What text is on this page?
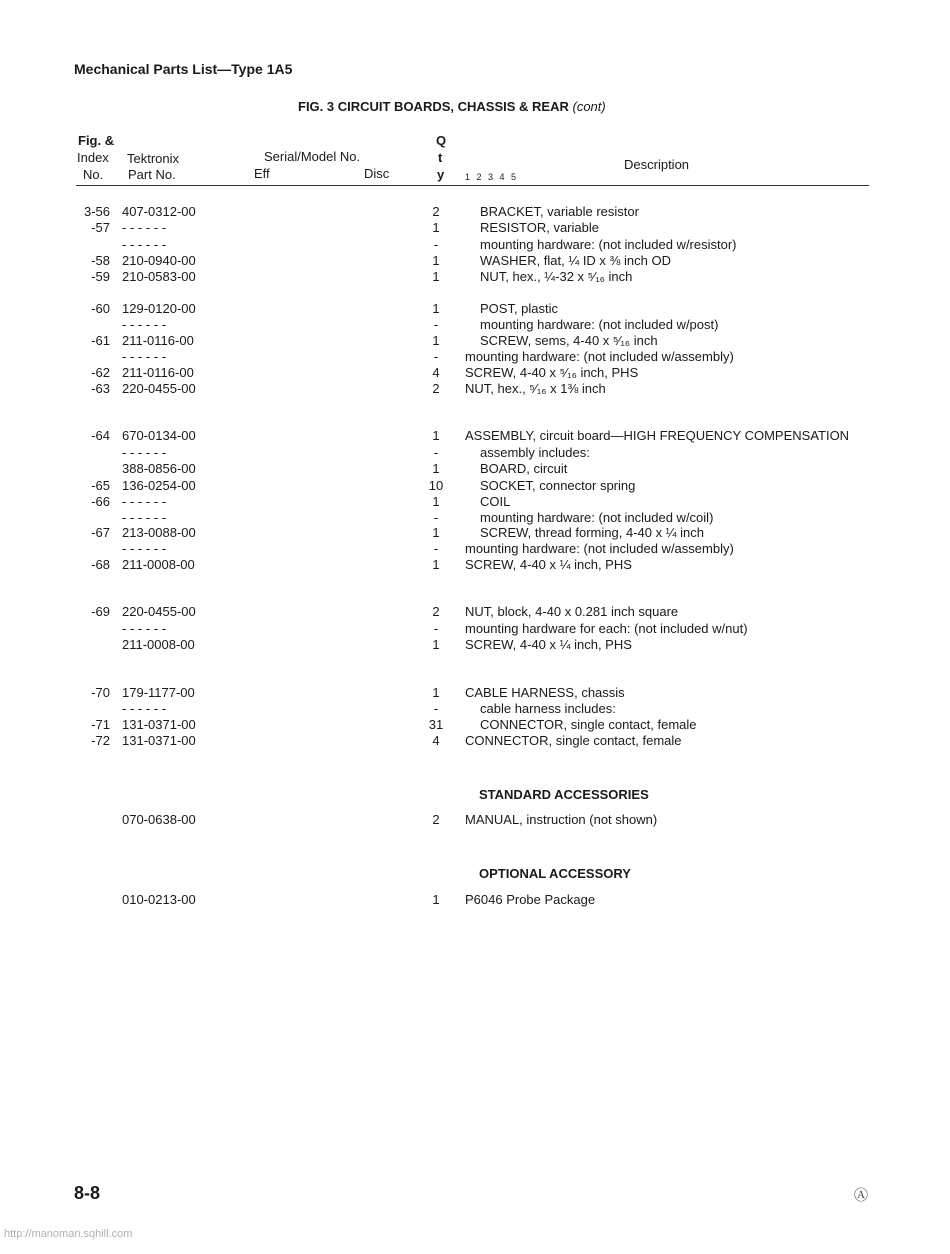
Mechanical Parts List—Type 1A5
FIG. 3 CIRCUIT BOARDS, CHASSIS & REAR (cont)
Fig. &
Index
No.
Tektronix
Part No.
Serial/Model No.
Eff	Disc
Q
t
y 1 2 3 4 5
Description
3-56 407-0312-00	2	BRACKET, variable resistor
-57 - - - - - -	1	RESISTOR, variable
- - - - - -	-	mounting hardware: (not included w/resistor)
-58 210-0940-00	1	WASHER, flat, ¼ ID x ⅜ inch OD
-59 210-0583-00	1	NUT, hex., ¼-32 x ⁵⁄₁₆ inch
-60 129-0120-00	1	POST, plastic
- - - - - -	-	mounting hardware: (not included w/post)
-61 211-0116-00	1	SCREW, sems, 4-40 x ⁵⁄₁₆ inch
- - - - - -	-	mounting hardware: (not included w/assembly)
-62 211-0116-00	4	SCREW, 4-40 x ⁵⁄₁₆ inch, PHS
-63 220-0455-00	2	NUT, hex., ⁵⁄₁₆ x 1⅜ inch
-64 670-0134-00	1	ASSEMBLY, circuit board—HIGH FREQUENCY COMPENSATION
- - - - - -	-	assembly includes:
388-0856-00	1	BOARD, circuit
-65 136-0254-00	10	SOCKET, connector spring
-66 - - - - - -	1	COIL
- - - - - -	-	mounting hardware: (not included w/coil)
-67 213-0088-00	1	SCREW, thread forming, 4-40 x ¼ inch
- - - - - -	-	mounting hardware: (not included w/assembly)
-68 211-0008-00	1	SCREW, 4-40 x ¼ inch, PHS
-69 220-0455-00	2	NUT, block, 4-40 x 0.281 inch square
- - - - - -	-	mounting hardware for each: (not included w/nut)
211-0008-00	1	SCREW, 4-40 x ¼ inch, PHS
-70 179-1177-00	1	CABLE HARNESS, chassis
- - - - - -	-	cable harness includes:
-71 131-0371-00	31	CONNECTOR, single contact, female
-72 131-0371-00	4	CONNECTOR, single contact, female
STANDARD ACCESSORIES
070-0638-00	2	MANUAL, instruction (not shown)
OPTIONAL ACCESSORY
010-0213-00	1	P6046 Probe Package
8-8	Ⓐ
http://manoman.sqhill.com
